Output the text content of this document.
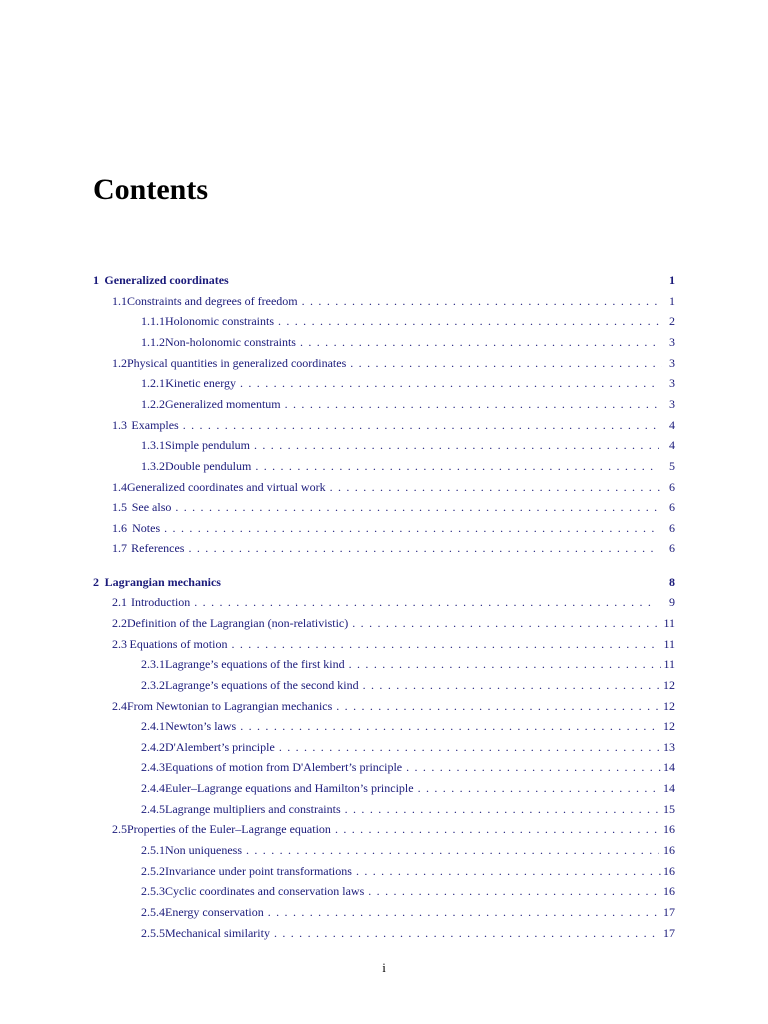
Contents
1 Generalized coordinates	1
1.1 Constraints and degrees of freedom . . .	1
1.1.1 Holonomic constraints . . .	2
1.1.2 Non-holonomic constraints . . .	3
1.2 Physical quantities in generalized coordinates . . .	3
1.2.1 Kinetic energy . . .	3
1.2.2 Generalized momentum . . .	3
1.3 Examples . . .	4
1.3.1 Simple pendulum . . .	4
1.3.2 Double pendulum . . .	5
1.4 Generalized coordinates and virtual work . . .	6
1.5 See also . . .	6
1.6 Notes . . .	6
1.7 References . . .	6
2 Lagrangian mechanics	8
2.1 Introduction . . .	9
2.2 Definition of the Lagrangian (non-relativistic) . . .	11
2.3 Equations of motion . . .	11
2.3.1 Lagrange’s equations of the first kind . . .	11
2.3.2 Lagrange’s equations of the second kind . . .	12
2.4 From Newtonian to Lagrangian mechanics . . .	12
2.4.1 Newton’s laws . . .	12
2.4.2 D'Alembert’s principle . . .	13
2.4.3 Equations of motion from D'Alembert’s principle . . .	14
2.4.4 Euler–Lagrange equations and Hamilton’s principle . . .	14
2.4.5 Lagrange multipliers and constraints . . .	15
2.5 Properties of the Euler–Lagrange equation . . .	16
2.5.1 Non uniqueness . . .	16
2.5.2 Invariance under point transformations . . .	16
2.5.3 Cyclic coordinates and conservation laws . . .	16
2.5.4 Energy conservation . . .	17
2.5.5 Mechanical similarity . . .	17
i
